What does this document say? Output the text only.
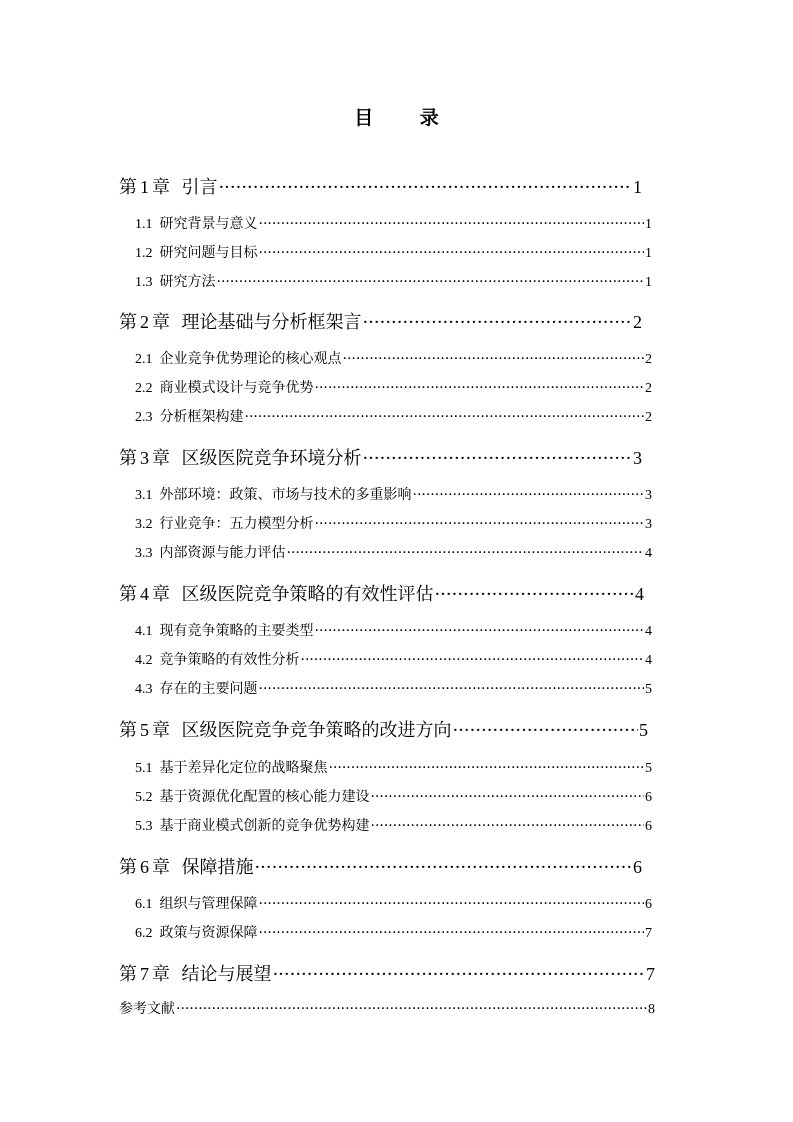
目 录
第 1 章 引言 ·····	1
1.1 研究背景与意义 ·····	1
1.2 研究问题与目标 ·····	1
1.3 研究方法 ·····	1
第 2 章 理论基础与分析框架言 ·····	2
2.1 企业竞争优势理论的核心观点 ·····	2
2.2 商业模式设计与竞争优势 ·····	2
2.3 分析框架构建 ·····	2
第 3 章 区级医院竞争环境分析 ·····	3
3.1 外部环境：政策、市场与技术的多重影响 ·····	3
3.2 行业竞争：五力模型分析 ·····	3
3.3 内部资源与能力评估 ·····	4
第 4 章 区级医院竞争策略的有效性评估 ·····	4
4.1 现有竞争策略的主要类型 ·····	4
4.2 竞争策略的有效性分析 ·····	4
4.3 存在的主要问题 ·····	5
第 5 章 区级医院竞争竞争策略的改进方向 ·····	5
5.1 基于差异化定位的战略聚焦 ·····	5
5.2 基于资源优化配置的核心能力建设 ·····	6
5.3 基于商业模式创新的竞争优势构建 ·····	6
第 6 章 保障措施 ·····	6
6.1 组织与管理保障 ·····	6
6.2 政策与资源保障 ·····	7
第 7 章 结论与展望 ·····	7
参考文献 ·····	8
